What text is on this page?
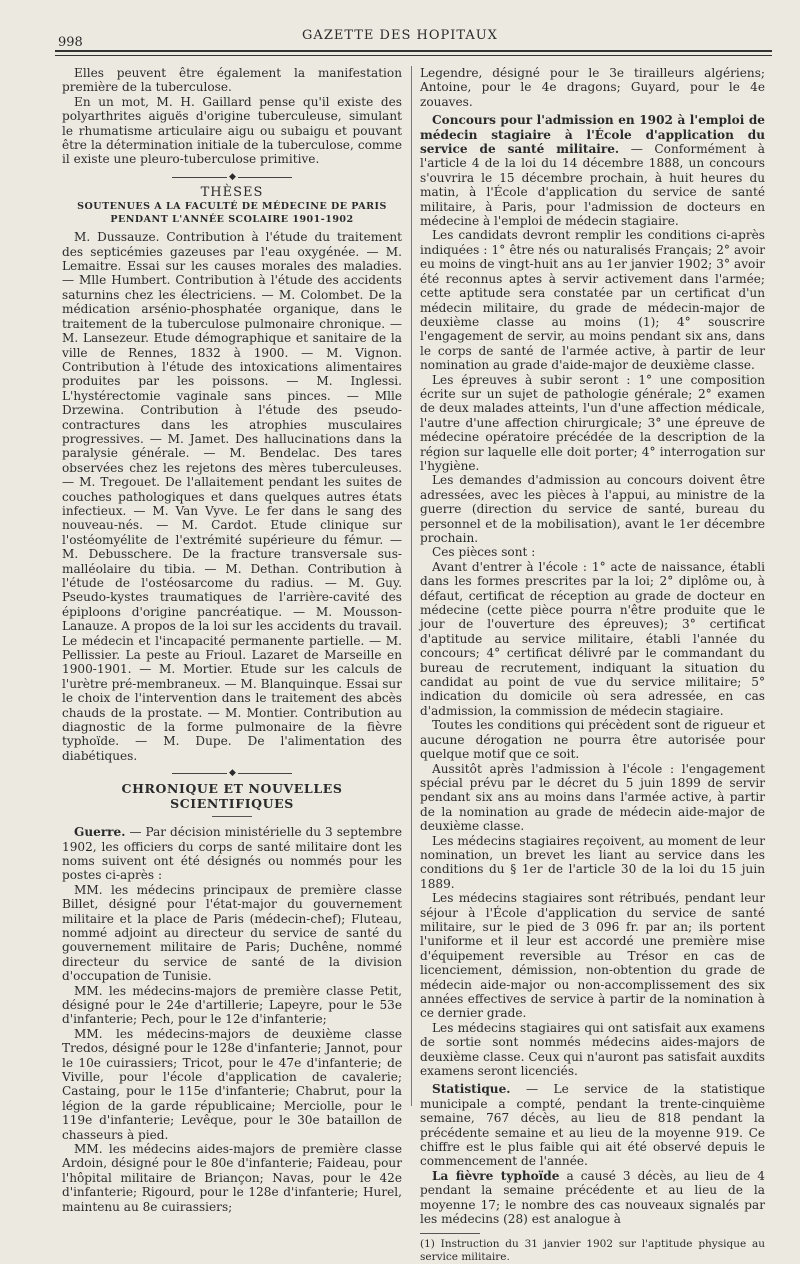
998	GAZETTE DES HOPITAUX

Elles peuvent être également la manifestation première de la tuberculose.

En un mot, M. H. Gaillard pense qu'il existe des polyarthrites aiguës d'origine tuberculeuse, simulant le rhumatisme articulaire aigu ou subaigu et pouvant être la détermination initiale de la tuberculose, comme il existe une pleuro-tuberculose primitive.

◆
THÈSES
SOUTENUES A LA FACULTÉ DE MÉDECINE DE PARIS
PENDANT L'ANNÉE SCOLAIRE 1901-1902

M. Dussauze. Contribution à l'étude du traitement des septicémies gazeuses par l'eau oxygénée. — M. Lemaitre. Essai sur les causes morales des maladies. — Mlle Humbert. Contribution à l'étude des accidents saturnins chez les électriciens. — M. Colombet. De la médication arsénio-phosphatée organique, dans le traitement de la tuberculose pulmonaire chronique. — M. Lansezeur. Etude démographique et sanitaire de la ville de Rennes, 1832 à 1900. — M. Vignon. Contribution à l'étude des intoxications alimentaires produites par les poissons. — M. Inglessi. L'hystérectomie vaginale sans pinces. — Mlle Drzewina. Contribution à l'étude des pseudo-contractures dans les atrophies musculaires progressives. — M. Jamet. Des hallucinations dans la paralysie générale. — M. Bendelac. Des tares observées chez les rejetons des mères tuberculeuses. — M. Tregouet. De l'allaitement pendant les suites de couches pathologiques et dans quelques autres états infectieux. — M. Van Vyve. Le fer dans le sang des nouveau-nés. — M. Cardot. Etude clinique sur l'ostéomyélite de l'extrémité supérieure du fémur. — M. Debusschere. De la fracture transversale sus-malléolaire du tibia. — M. Dethan. Contribution à l'étude de l'ostéosarcome du radius. — M. Guy. Pseudo-kystes traumatiques de l'arrière-cavité des épiploons d'origine pancréatique. — M. Mousson-Lanauze. A propos de la loi sur les accidents du travail. Le médecin et l'incapacité permanente partielle. — M. Pellissier. La peste au Frioul. Lazaret de Marseille en 1900-1901. — M. Mortier. Etude sur les calculs de l'urètre pré-membraneux. — M. Blanquinque. Essai sur le choix de l'intervention dans le traitement des abcès chauds de la prostate. — M. Montier. Contribution au diagnostic de la forme pulmonaire de la fièvre typhoïde. — M. Dupe. De l'alimentation des diabétiques.

◆
CHRONIQUE ET NOUVELLES SCIENTIFIQUES

Guerre. — Par décision ministérielle du 3 septembre 1902, les officiers du corps de santé militaire dont les noms suivent ont été désignés ou nommés pour les postes ci-après :

MM. les médecins principaux de première classe Billet, désigné pour l'état-major du gouvernement militaire et la place de Paris (médecin-chef); Fluteau, nommé adjoint au directeur du service de santé du gouvernement militaire de Paris; Duchêne, nommé directeur du service de santé de la division d'occupation de Tunisie.

MM. les médecins-majors de première classe Petit, désigné pour le 24e d'artillerie; Lapeyre, pour le 53e d'infanterie; Pech, pour le 12e d'infanterie;

MM. les médecins-majors de deuxième classe Tredos, désigné pour le 128e d'infanterie; Jannot, pour le 10e cuirassiers; Tricot, pour le 47e d'infanterie; de Viville, pour l'école d'application de cavalerie; Castaing, pour le 115e d'infanterie; Chabrut, pour la légion de la garde républicaine; Merciolle, pour le 119e d'infanterie; Levêque, pour le 30e bataillon de chasseurs à pied.

MM. les médecins aides-majors de première classe Ardoin, désigné pour le 80e d'infanterie; Faideau, pour l'hôpital militaire de Briançon; Navas, pour le 42e d'infanterie; Rigourd, pour le 128e d'infanterie; Hurel, maintenu au 8e cuirassiers;

Legendre, désigné pour le 3e tirailleurs algériens; Antoine, pour le 4e dragons; Guyard, pour le 4e zouaves.

Concours pour l'admission en 1902 à l'emploi de médecin stagiaire à l'École d'application du service de santé militaire. — Conformément à l'article 4 de la loi du 14 décembre 1888, un concours s'ouvrira le 15 décembre prochain, à huit heures du matin, à l'École d'application du service de santé militaire, à Paris, pour l'admission de docteurs en médecine à l'emploi de médecin stagiaire.

Les candidats devront remplir les conditions ci-après indiquées : 1° être nés ou naturalisés Français; 2° avoir eu moins de vingt-huit ans au 1er janvier 1902; 3° avoir été reconnus aptes à servir activement dans l'armée; cette aptitude sera constatée par un certificat d'un médecin militaire, du grade de médecin-major de deuxième classe au moins (1); 4° souscrire l'engagement de servir, au moins pendant six ans, dans le corps de santé de l'armée active, à partir de leur nomination au grade d'aide-major de deuxième classe.

Les épreuves à subir seront : 1° une composition écrite sur un sujet de pathologie générale; 2° examen de deux malades atteints, l'un d'une affection médicale, l'autre d'une affection chirurgicale; 3° une épreuve de médecine opératoire précédée de la description de la région sur laquelle elle doit porter; 4° interrogation sur l'hygiène.

Les demandes d'admission au concours doivent être adressées, avec les pièces à l'appui, au ministre de la guerre (direction du service de santé, bureau du personnel et de la mobilisation), avant le 1er décembre prochain.

Ces pièces sont :

Avant d'entrer à l'école : 1° acte de naissance, établi dans les formes prescrites par la loi; 2° diplôme ou, à défaut, certificat de réception au grade de docteur en médecine (cette pièce pourra n'être produite que le jour de l'ouverture des épreuves); 3° certificat d'aptitude au service militaire, établi l'année du concours; 4° certificat délivré par le commandant du bureau de recrutement, indiquant la situation du candidat au point de vue du service militaire; 5° indication du domicile où sera adressée, en cas d'admission, la commission de médecin stagiaire.

Toutes les conditions qui précèdent sont de rigueur et aucune dérogation ne pourra être autorisée pour quelque motif que ce soit.

Aussitôt après l'admission à l'école : l'engagement spécial prévu par le décret du 5 juin 1899 de servir pendant six ans au moins dans l'armée active, à partir de la nomination au grade de médecin aide-major de deuxième classe.

Les médecins stagiaires reçoivent, au moment de leur nomination, un brevet les liant au service dans les conditions du § 1er de l'article 30 de la loi du 15 juin 1889.

Les médecins stagiaires sont rétribués, pendant leur séjour à l'École d'application du service de santé militaire, sur le pied de 3 096 fr. par an; ils portent l'uniforme et il leur est accordé une première mise d'équipement reversible au Trésor en cas de licenciement, démission, non-obtention du grade de médecin aide-major ou non-accomplissement des six années effectives de service à partir de la nomination à ce dernier grade.

Les médecins stagiaires qui ont satisfait aux examens de sortie sont nommés médecins aides-majors de deuxième classe. Ceux qui n'auront pas satisfait auxdits examens seront licenciés.

Statistique. — Le service de la statistique municipale a compté, pendant la trente-cinquième semaine, 767 décès, au lieu de 818 pendant la précédente semaine et au lieu de la moyenne 919. Ce chiffre est le plus faible qui ait été observé depuis le commencement de l'année.

La fièvre typhoïde a causé 3 décès, au lieu de 4 pendant la semaine précédente et au lieu de la moyenne 17; le nombre des cas nouveaux signalés par les médecins (28) est analogue à

(1) Instruction du 31 janvier 1902 sur l'aptitude physique au service militaire.
